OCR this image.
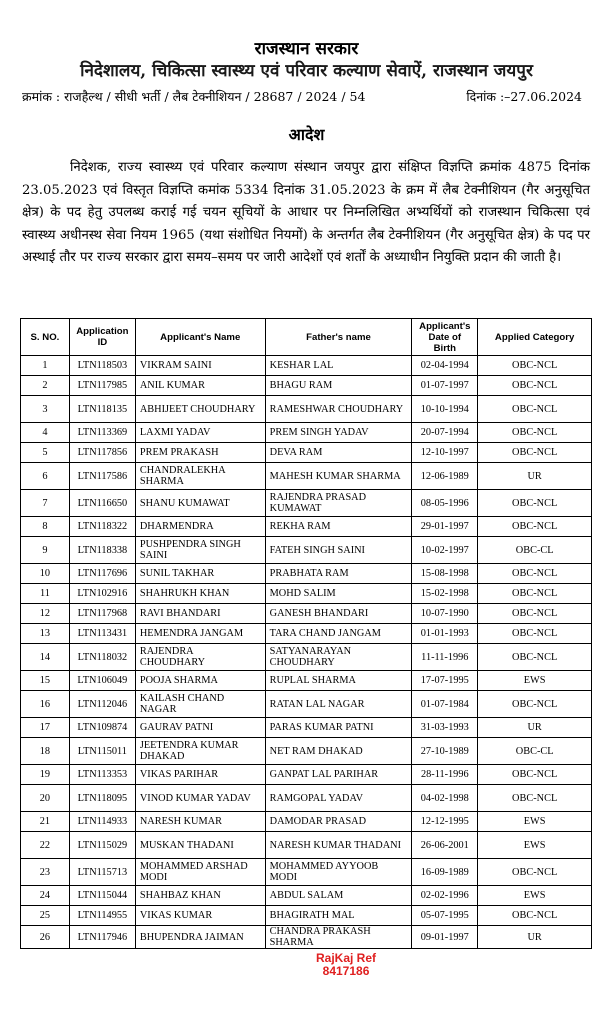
राजस्थान सरकार
निदेशालय, चिकित्सा स्वास्थ्य एवं परिवार कल्याण सेवाऐं, राजस्थान जयपुर
क्रमांक : राजहैल्थ / सीधी भर्ती / लैब टेक्नीशियन / 28687 / 2024 / 54	दिनांक :–27.06.2024
आदेश
निदेशक, राज्य स्वास्थ्य एवं परिवार कल्याण संस्थान जयपुर द्वारा संक्षिप्त विज्ञप्ति क्रमांक 4875 दिनांक 23.05.2023 एवं विस्तृत विज्ञप्ति कमांक 5334 दिनांक 31.05.2023 के क्रम में लैब टेक्नीशियन (गैर अनुसूचित क्षेत्र) के पद हेतु उपलब्ध कराई गई चयन सूचियों के आधार पर निम्नलिखित अभ्यर्थियों को राजस्थान चिकित्सा एवं स्वास्थ्य अधीनस्थ सेवा नियम 1965 (यथा संशोधित नियमों) के अन्तर्गत लैब टेक्नीशियन (गैर अनुसूचित क्षेत्र) के पद पर अस्थाई तौर पर राज्य सरकार द्वारा समय–समय पर जारी आदेशों एवं शर्तों के अध्याधीन नियुक्ति प्रदान की जाती है।
S. NO.	Application ID	Applicant's Name	Father's name	Applicant's Date of Birth	Applied Category
1	LTN118503	VIKRAM SAINI	KESHAR LAL	02-04-1994	OBC-NCL
2	LTN117985	ANIL KUMAR	BHAGU RAM	01-07-1997	OBC-NCL
3	LTN118135	ABHIJEET CHOUDHARY	RAMESHWAR CHOUDHARY	10-10-1994	OBC-NCL
4	LTN113369	LAXMI YADAV	PREM SINGH YADAV	20-07-1994	OBC-NCL
5	LTN117856	PREM PRAKASH	DEVA RAM	12-10-1997	OBC-NCL
6	LTN117586	CHANDRALEKHA SHARMA	MAHESH KUMAR SHARMA	12-06-1989	UR
7	LTN116650	SHANU KUMAWAT	RAJENDRA PRASAD KUMAWAT	08-05-1996	OBC-NCL
8	LTN118322	DHARMENDRA	REKHA RAM	29-01-1997	OBC-NCL
9	LTN118338	PUSHPENDRA SINGH SAINI	FATEH SINGH SAINI	10-02-1997	OBC-CL
10	LTN117696	SUNIL TAKHAR	PRABHATA RAM	15-08-1998	OBC-NCL
11	LTN102916	SHAHRUKH KHAN	MOHD SALIM	15-02-1998	OBC-NCL
12	LTN117968	RAVI BHANDARI	GANESH BHANDARI	10-07-1990	OBC-NCL
13	LTN113431	HEMENDRA JANGAM	TARA CHAND JANGAM	01-01-1993	OBC-NCL
14	LTN118032	RAJENDRA CHOUDHARY	SATYANARAYAN CHOUDHARY	11-11-1996	OBC-NCL
15	LTN106049	POOJA SHARMA	RUPLAL SHARMA	17-07-1995	EWS
16	LTN112046	KAILASH CHAND NAGAR	RATAN LAL NAGAR	01-07-1984	OBC-NCL
17	LTN109874	GAURAV PATNI	PARAS KUMAR PATNI	31-03-1993	UR
18	LTN115011	JEETENDRA KUMAR DHAKAD	NET RAM DHAKAD	27-10-1989	OBC-CL
19	LTN113353	VIKAS PARIHAR	GANPAT LAL PARIHAR	28-11-1996	OBC-NCL
20	LTN118095	VINOD KUMAR YADAV	RAMGOPAL YADAV	04-02-1998	OBC-NCL
21	LTN114933	NARESH KUMAR	DAMODAR PRASAD	12-12-1995	EWS
22	LTN115029	MUSKAN THADANI	NARESH KUMAR THADANI	26-06-2001	EWS
23	LTN115713	MOHAMMED ARSHAD MODI	MOHAMMED AYYOOB MODI	16-09-1989	OBC-NCL
24	LTN115044	SHAHBAZ KHAN	ABDUL SALAM	02-02-1996	EWS
25	LTN114955	VIKAS KUMAR	BHAGIRATH MAL	05-07-1995	OBC-NCL
26	LTN117946	BHUPENDRA JAIMAN	CHANDRA PRAKASH SHARMA	09-01-1997	UR
RajKaj Ref
8417186
